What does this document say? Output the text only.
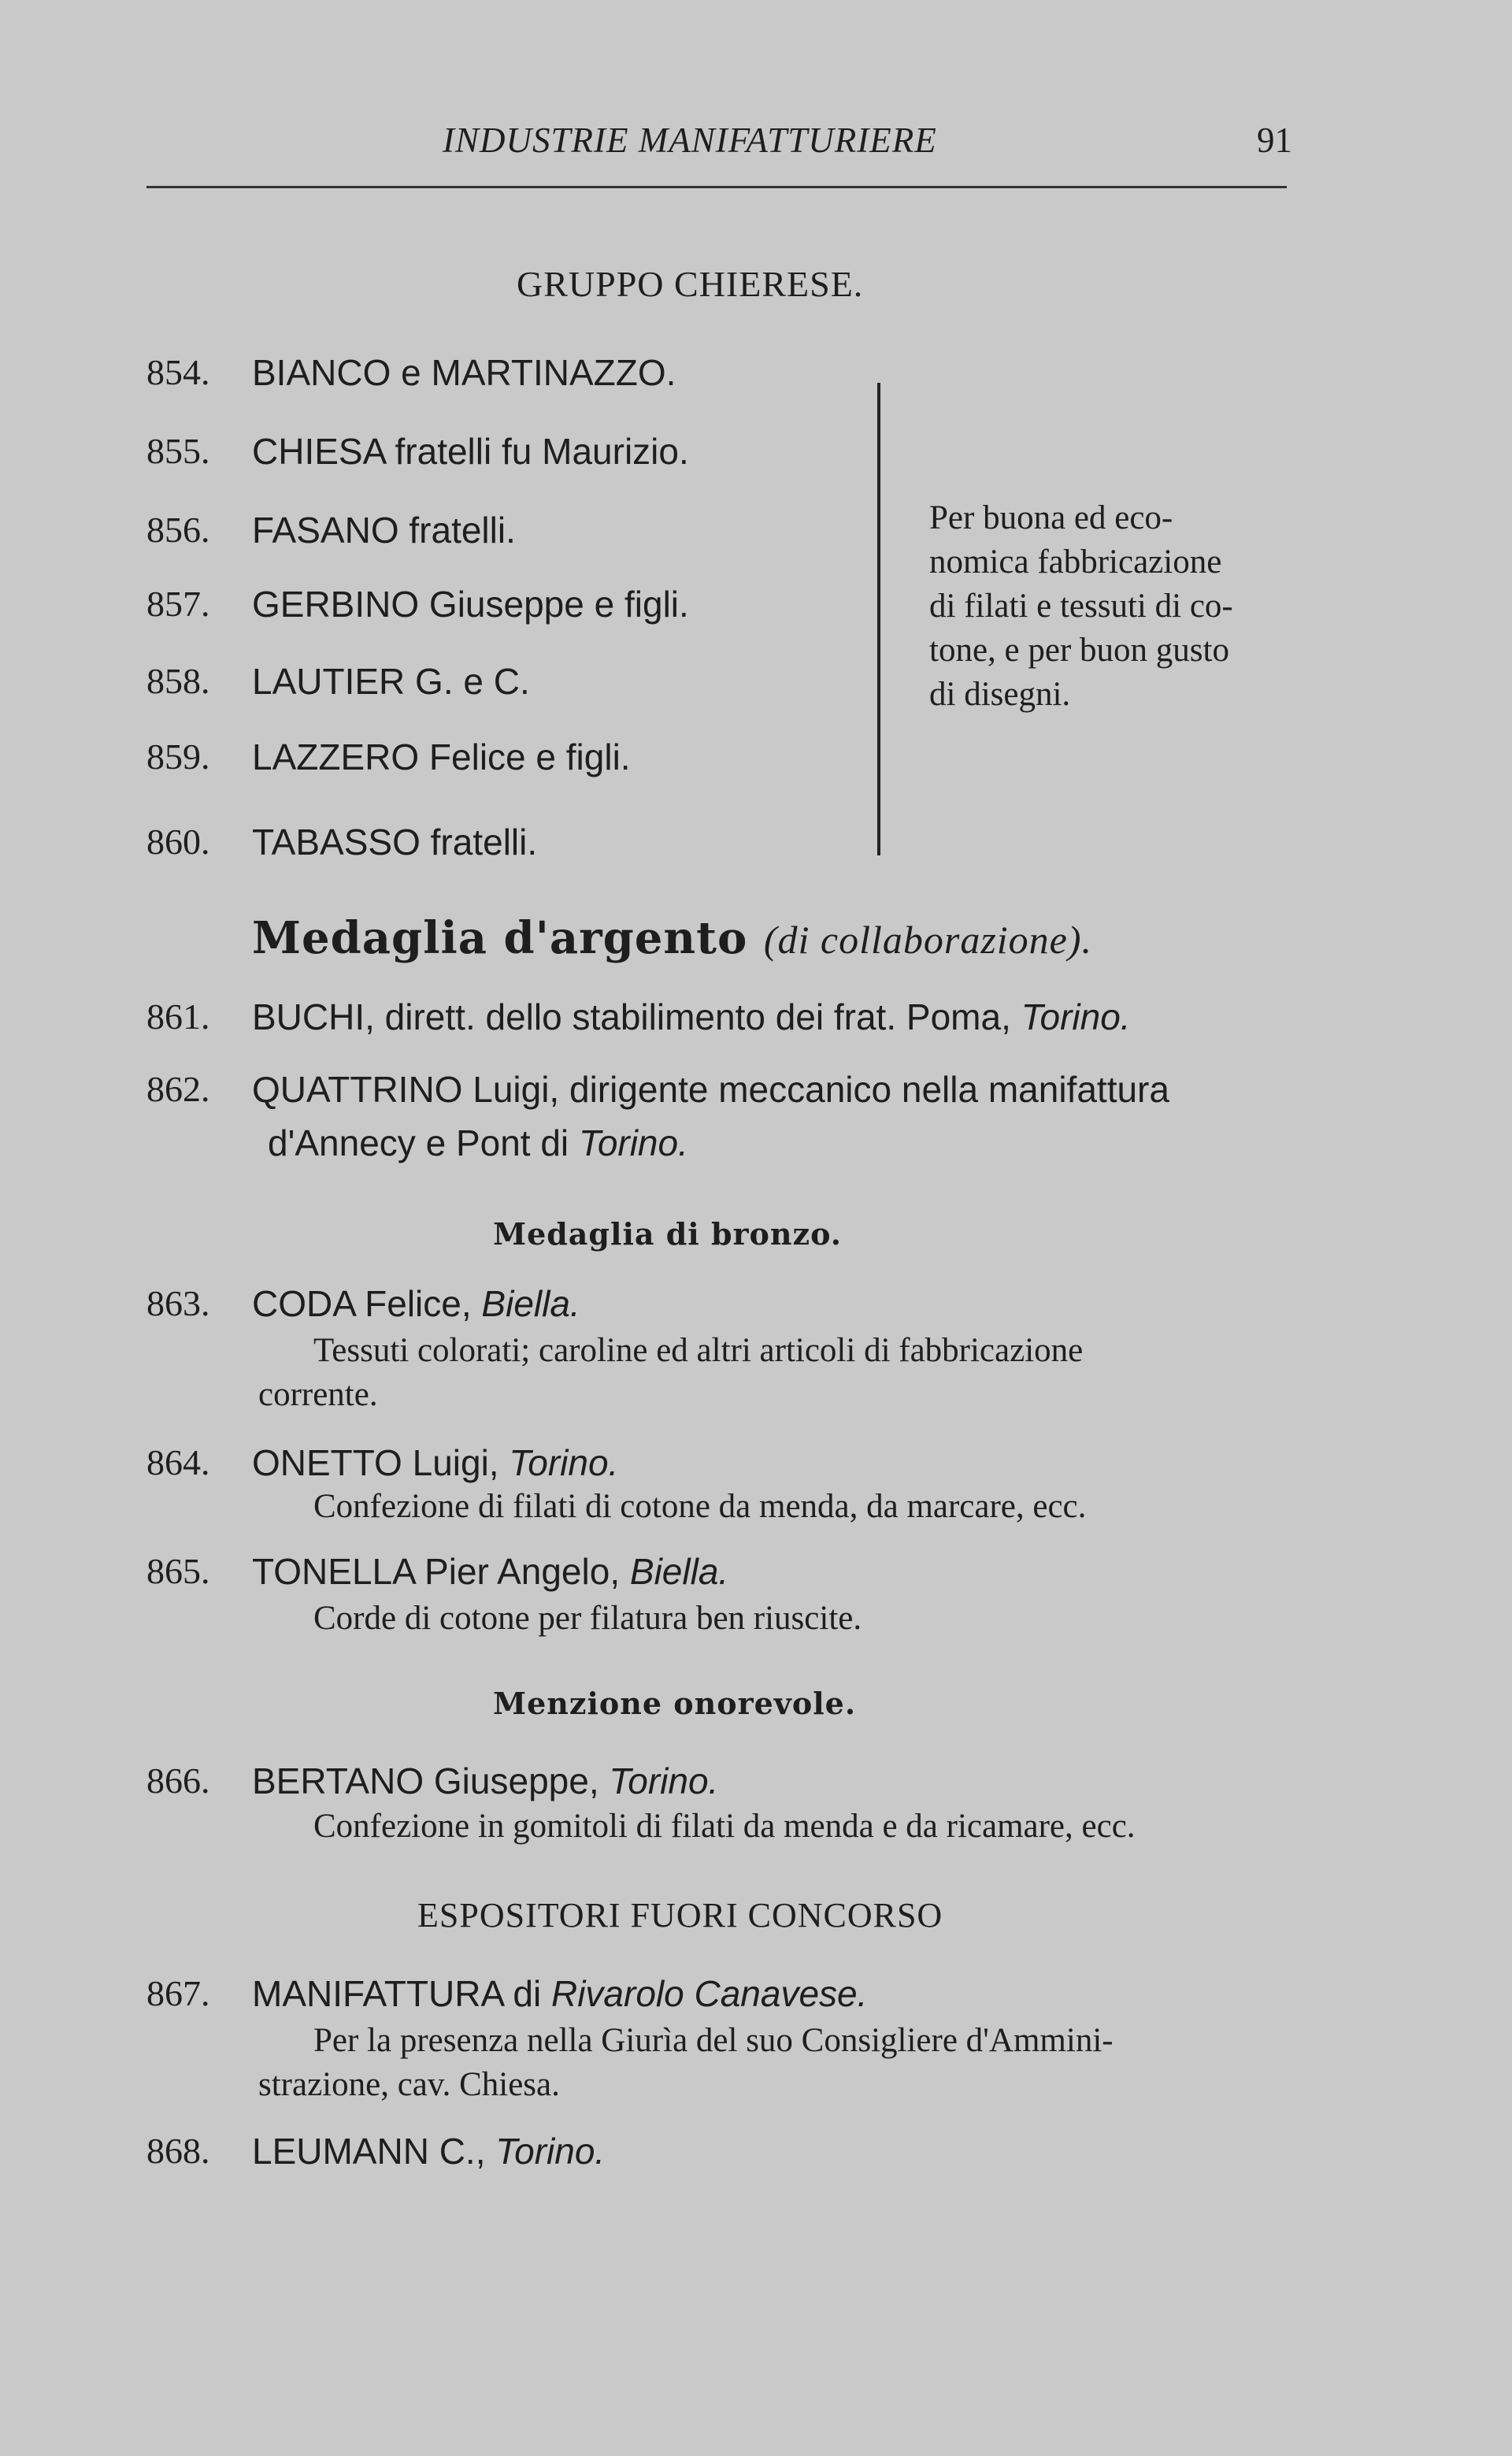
INDUSTRIE MANIFATTURIERE	91
GRUPPO CHIERESE.
854. BIANCO e MARTINAZZO.
855. CHIESA fratelli fu Maurizio.
856. FASANO fratelli.
857. GERBINO Giuseppe e figli.
858. LAUTIER G. e C.
859. LAZZERO Felice e figli.
860. TABASSO fratelli.
Per buona ed eco-
nomica fabbricazione
di filati e tessuti di co-
tone, e per buon gusto
di disegni.
Medaglia d'argento (di collaborazione).
861. BUCHI, dirett. dello stabilimento dei frat. Poma, Torino.
862. QUATTRINO Luigi, dirigente meccanico nella manifattura
d'Annecy e Pont di Torino.
Medaglia di bronzo.
863. CODA Felice, Biella.
Tessuti colorati; caroline ed altri articoli di fabbricazione
corrente.
864. ONETTO Luigi, Torino.
Confezione di filati di cotone da menda, da marcare, ecc.
865. TONELLA Pier Angelo, Biella.
Corde di cotone per filatura ben riuscite.
Menzione onorevole.
866. BERTANO Giuseppe, Torino.
Confezione in gomitoli di filati da menda e da ricamare, ecc.
ESPOSITORI FUORI CONCORSO
867. MANIFATTURA di Rivarolo Canavese.
Per la presenza nella Giurìa del suo Consigliere d'Ammini-
strazione, cav. Chiesa.
868. LEUMANN C., Torino.
